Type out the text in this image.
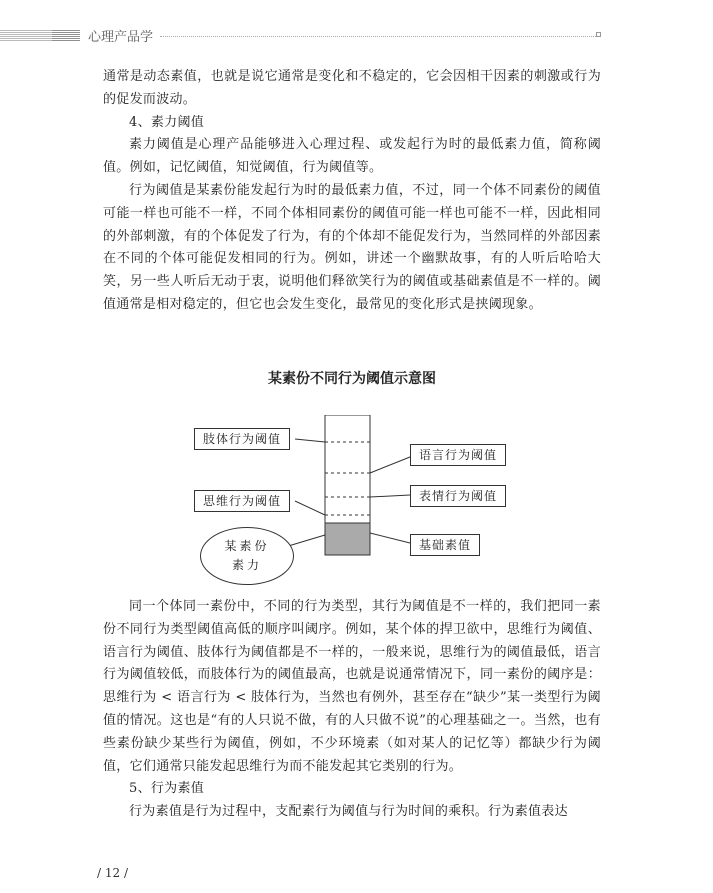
心理产品学

通常是动态素值，也就是说它通常是变化和不稳定的，它会因相干因素的刺激或行为的促发而波动。

4、素力阈值

素力阈值是心理产品能够进入心理过程、或发起行为时的最低素力值，简称阈值。例如，记忆阈值，知觉阈值，行为阈值等。

行为阈值是某素份能发起行为时的最低素力值，不过，同一个体不同素份的阈值可能一样也可能不一样，不同个体相同素份的阈值可能一样也可能不一样，因此相同的外部刺激，有的个体促发了行为，有的个体却不能促发行为，当然同样的外部因素在不同的个体可能促发相同的行为。例如，讲述一个幽默故事，有的人听后哈哈大笑，另一些人听后无动于衷，说明他们释欲笑行为的阈值或基础素值是不一样的。阈值通常是相对稳定的，但它也会发生变化，最常见的变化形式是挟阈现象。

某素份不同行为阈值示意图
肢体行为阈值
语言行为阈值
思维行为阈值	表情行为阈值
基础素值
某素份
素力

同一个体同一素份中，不同的行为类型，其行为阈值是不一样的，我们把同一素份不同行为类型阈值高低的顺序叫阈序。例如，某个体的捍卫欲中，思维行为阈值、语言行为阈值、肢体行为阈值都是不一样的，一般来说，思维行为的阈值最低，语言行为阈值较低，而肢体行为的阈值最高，也就是说通常情况下，同一素份的阈序是：思维行为 < 语言行为 < 肢体行为，当然也有例外，甚至存在“缺少”某一类型行为阈值的情况。这也是“有的人只说不做，有的人只做不说”的心理基础之一。当然，也有些素份缺少某些行为阈值，例如，不少环境素（如对某人的记忆等）都缺少行为阈值，它们通常只能发起思维行为而不能发起其它类别的行为。

5、行为素值

行为素值是行为过程中，支配素行为阈值与行为时间的乘积。行为素值表达

/ 12 /
